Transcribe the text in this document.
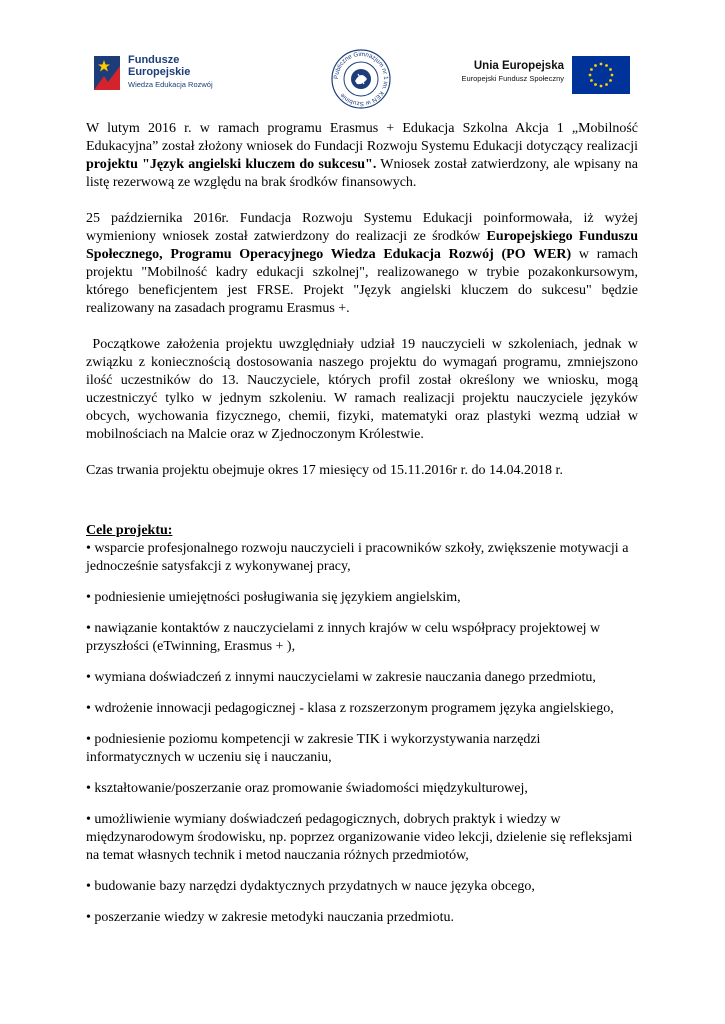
Fundusze
Europejskie
Wiedza Edukacja Rozwój
Publiczne Gimnazjum nr 1 im. KEN w Szubinie
Unia Europejska
Europejski Fundusz Społeczny

W lutym 2016 r. w ramach programu Erasmus + Edukacja Szkolna Akcja 1 „Mobilność Edukacyjna” został złożony wniosek do Fundacji Rozwoju Systemu Edukacji dotyczący realizacji projektu "Język angielski kluczem do sukcesu". Wniosek został zatwierdzony, ale wpisany na listę rezerwową ze względu na brak środków finansowych.

25 października 2016r. Fundacja Rozwoju Systemu Edukacji poinformowała, iż wyżej wymieniony wniosek został zatwierdzony do realizacji ze środków Europejskiego Funduszu Społecznego, Programu Operacyjnego Wiedza Edukacja Rozwój (PO WER) w ramach projektu "Mobilność kadry edukacji szkolnej", realizowanego w trybie pozakonkursowym, którego beneficjentem jest FRSE. Projekt "Język angielski kluczem do sukcesu" będzie realizowany na zasadach programu Erasmus +.

Początkowe założenia projektu uwzględniały udział 19 nauczycieli w szkoleniach, jednak w związku z koniecznością dostosowania naszego projektu do wymagań programu, zmniejszono ilość uczestników do 13. Nauczyciele, których profil został określony we wniosku, mogą uczestniczyć tylko w jednym szkoleniu. W ramach realizacji projektu nauczyciele języków obcych, wychowania fizycznego, chemii, fizyki, matematyki oraz plastyki wezmą udział w mobilnościach na Malcie oraz w Zjednoczonym Królestwie.

Czas trwania projektu obejmuje okres 17 miesięcy od 15.11.2016r r. do 14.04.2018 r.

Cele projektu:

• wsparcie profesjonalnego rozwoju nauczycieli i pracowników szkoły, zwiększenie motywacji a jednocześnie satysfakcji z wykonywanej pracy,

• podniesienie umiejętności posługiwania się językiem angielskim,

• nawiązanie kontaktów z nauczycielami z innych krajów w celu współpracy projektowej w przyszłości (eTwinning, Erasmus + ),

• wymiana doświadczeń z innymi nauczycielami w zakresie nauczania danego przedmiotu,

• wdrożenie innowacji pedagogicznej - klasa z rozszerzonym programem języka angielskiego,

• podniesienie poziomu kompetencji w zakresie TIK i wykorzystywania narzędzi informatycznych w uczeniu się i nauczaniu,

• kształtowanie/poszerzanie oraz promowanie świadomości międzykulturowej,

• umożliwienie wymiany doświadczeń pedagogicznych, dobrych praktyk i wiedzy w międzynarodowym środowisku, np. poprzez organizowanie video lekcji, dzielenie się refleksjami na temat własnych technik i metod nauczania różnych przedmiotów,

• budowanie bazy narzędzi dydaktycznych przydatnych w nauce języka obcego,

• poszerzanie wiedzy w zakresie metodyki nauczania przedmiotu.
